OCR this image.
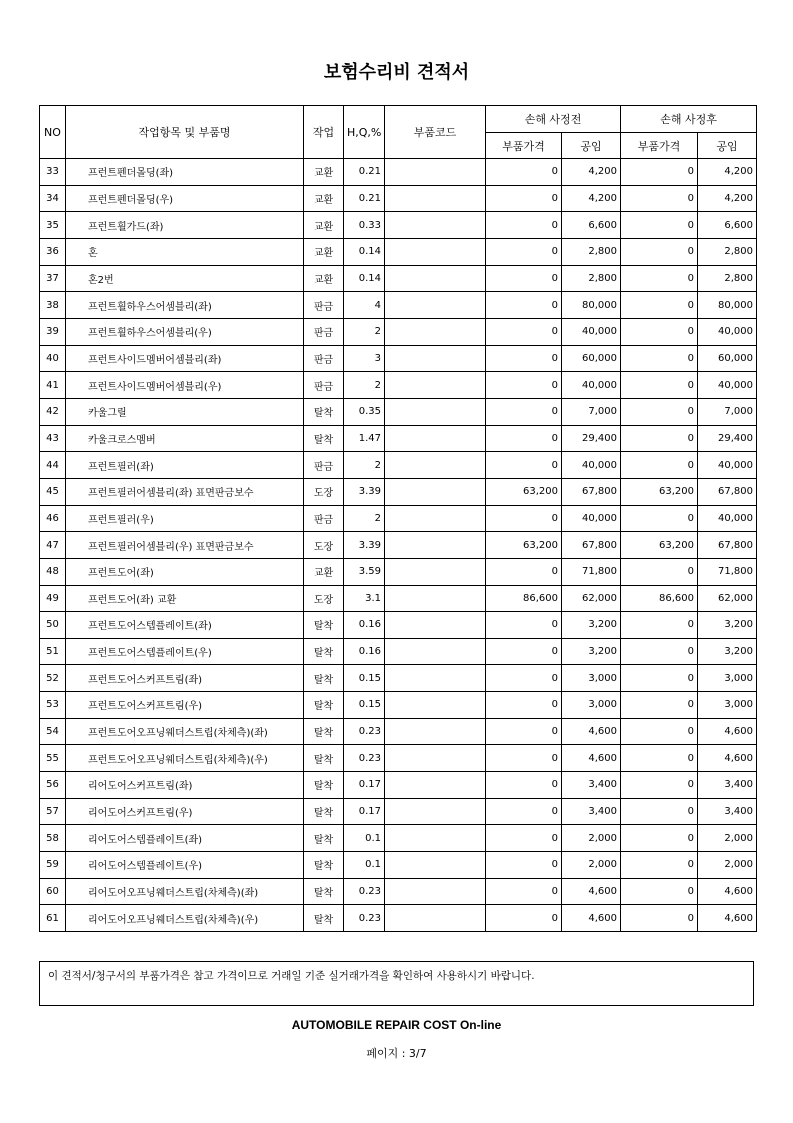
보험수리비 견적서
NO	작업항목 및 부품명	작업	H,Q,%	부품코드	손해 사정전		손해 사정후	
					부품가격	공임	부품가격	공임
33	프런트펜더몰딩(좌)	교환	0.21		0	4,200	0	4,200
34	프런트펜더몰딩(우)	교환	0.21		0	4,200	0	4,200
35	프런트휠가드(좌)	교환	0.33		0	6,600	0	6,600
36	혼	교환	0.14		0	2,800	0	2,800
37	혼2번	교환	0.14		0	2,800	0	2,800
38	프런트휠하우스어셈블리(좌)	판금	4		0	80,000	0	80,000
39	프런트휠하우스어셈블리(우)	판금	2		0	40,000	0	40,000
40	프런트사이드멤버어셈블리(좌)	판금	3		0	60,000	0	60,000
41	프런트사이드멤버어셈블리(우)	판금	2		0	40,000	0	40,000
42	카울그릴	탈착	0.35		0	7,000	0	7,000
43	카울크로스멤버	탈착	1.47		0	29,400	0	29,400
44	프런트필러(좌)	판금	2		0	40,000	0	40,000
45	프런트필러어셈블리(좌) 표면판금보수	도장	3.39		63,200	67,800	63,200	67,800
46	프런트필러(우)	판금	2		0	40,000	0	40,000
47	프런트필러어셈블리(우) 표면판금보수	도장	3.39		63,200	67,800	63,200	67,800
48	프런트도어(좌)	교환	3.59		0	71,800	0	71,800
49	프런트도어(좌) 교환	도장	3.1		86,600	62,000	86,600	62,000
50	프런트도어스텝플레이트(좌)	탈착	0.16		0	3,200	0	3,200
51	프런트도어스텝플레이트(우)	탈착	0.16		0	3,200	0	3,200
52	프런트도어스커프트림(좌)	탈착	0.15		0	3,000	0	3,000
53	프런트도어스커프트림(우)	탈착	0.15		0	3,000	0	3,000
54	프런트도어오프닝웨더스트립(차체측)(좌)	탈착	0.23		0	4,600	0	4,600
55	프런트도어오프닝웨더스트립(차체측)(우)	탈착	0.23		0	4,600	0	4,600
56	리어도어스커프트림(좌)	탈착	0.17		0	3,400	0	3,400
57	리어도어스커프트림(우)	탈착	0.17		0	3,400	0	3,400
58	리어도어스텝플레이트(좌)	탈착	0.1		0	2,000	0	2,000
59	리어도어스텝플레이트(우)	탈착	0.1		0	2,000	0	2,000
60	리어도어오프닝웨더스트립(차체측)(좌)	탈착	0.23		0	4,600	0	4,600
61	리어도어오프닝웨더스트립(차체측)(우)	탈착	0.23		0	4,600	0	4,600
이 견적서/청구서의 부품가격은 참고 가격이므로 거래일 기준 실거래가격을 확인하여 사용하시기 바랍니다.
AUTOMOBILE REPAIR COST On-line
페이지 : 3/7
